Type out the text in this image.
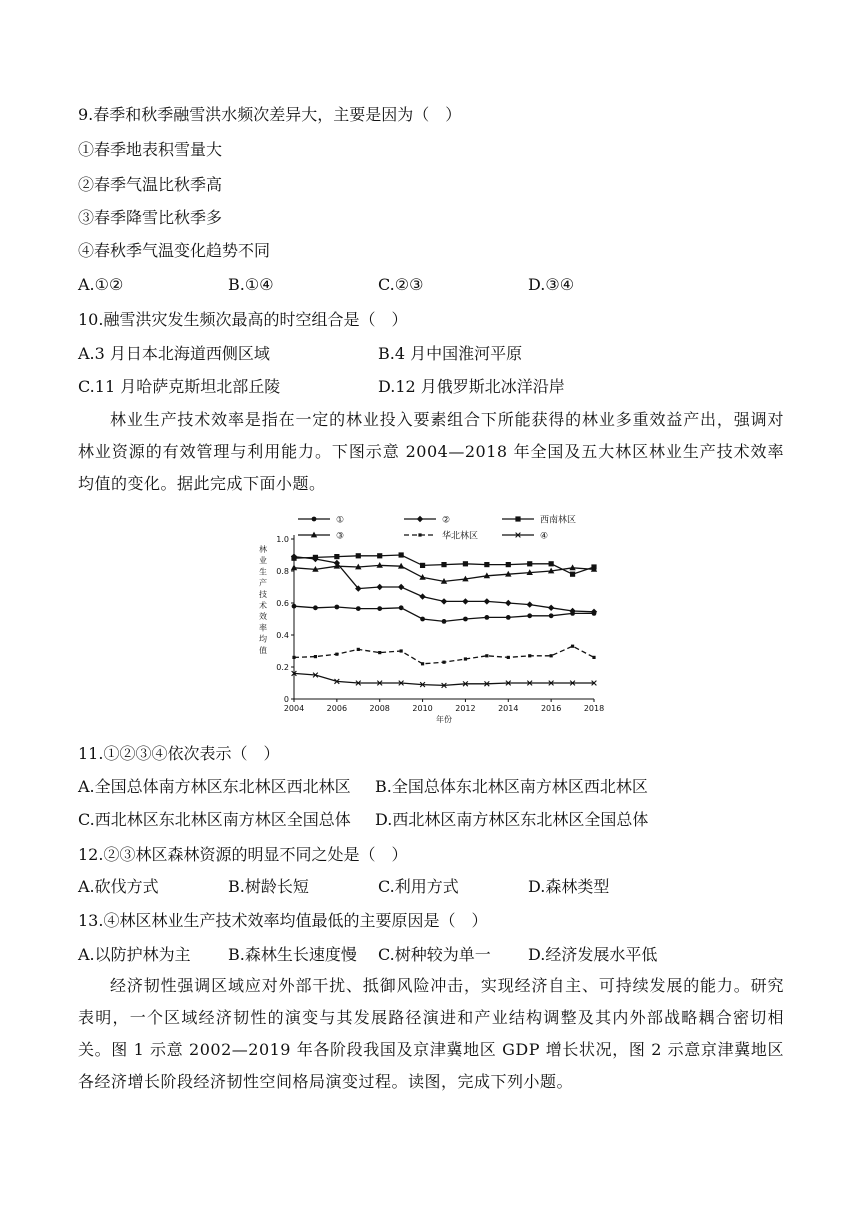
9.春季和秋季融雪洪水频次差异大，主要是因为（　）
①春季地表积雪量大
②春季气温比秋季高
③春季降雪比秋季多
④春秋季气温变化趋势不同
A.①②	B.①④	C.②③	D.③④
10.融雪洪灾发生频次最高的时空组合是（　）
A.3 月日本北海道西侧区域	B.4 月中国淮河平原
C.11 月哈萨克斯坦北部丘陵	D.12 月俄罗斯北冰洋沿岸
林业生产技术效率是指在一定的林业投入要素组合下所能获得的林业多重效益产出，强调对林业资源的有效管理与利用能力。下图示意 2004—2018 年全国及五大林区林业生产技术效率均值的变化。据此完成下面小题。
①	②	西南林区
③	华北林区	④
林
业
生
产
技
术
效
率
均
值
0
0.2
0.4
0.6
0.8
1.0
2004	2006	2008	2010	2012	2014	2016	2018
年份
11.①②③④依次表示（　）
A.全国总体南方林区东北林区西北林区 B.全国总体东北林区南方林区西北林区
C.西北林区东北林区南方林区全国总体 D.西北林区南方林区东北林区全国总体
12.②③林区森林资源的明显不同之处是（　）
A.砍伐方式	B.树龄长短	C.利用方式	D.森林类型
13.④林区林业生产技术效率均值最低的主要原因是（　）
A.以防护林为主 B.森林生长速度慢 C.树种较为单一 D.经济发展水平低
经济韧性强调区域应对外部干扰、抵御风险冲击，实现经济自主、可持续发展的能力。研究表明，一个区域经济韧性的演变与其发展路径演进和产业结构调整及其内外部战略耦合密切相关。图 1 示意 2002—2019 年各阶段我国及京津冀地区 GDP 增长状况，图 2 示意京津冀地区各经济增长阶段经济韧性空间格局演变过程。读图，完成下列小题。
